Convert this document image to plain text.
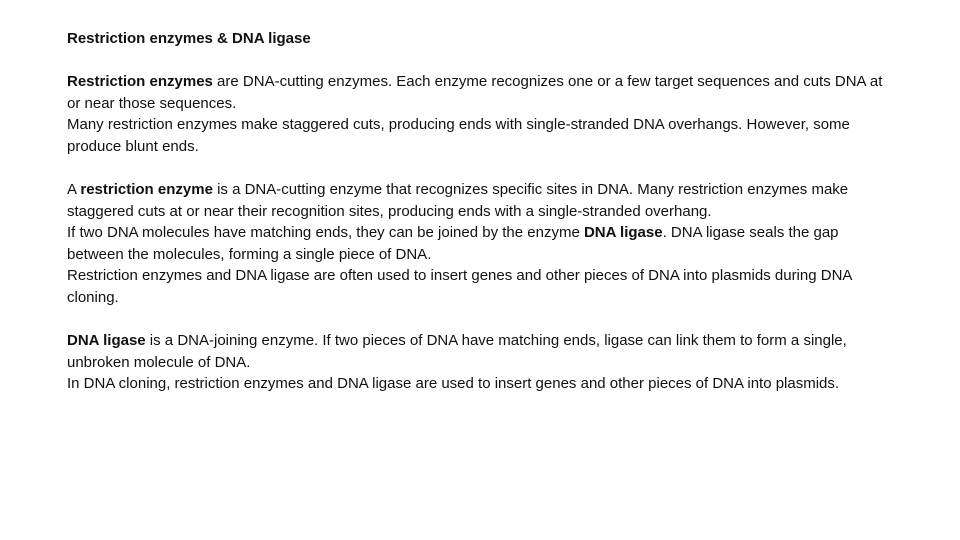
Restriction enzymes & DNA ligase

Restriction enzymes are DNA-cutting enzymes. Each enzyme recognizes one or a few target sequences and cuts DNA at or near those sequences.

Many restriction enzymes make staggered cuts, producing ends with single-stranded DNA overhangs. However, some produce blunt ends.

A restriction enzyme is a DNA-cutting enzyme that recognizes specific sites in DNA. Many restriction enzymes make staggered cuts at or near their recognition sites, producing ends with a single-stranded overhang.

If two DNA molecules have matching ends, they can be joined by the enzyme DNA ligase. DNA ligase seals the gap between the molecules, forming a single piece of DNA.

Restriction enzymes and DNA ligase are often used to insert genes and other pieces of DNA into plasmids during DNA cloning.

DNA ligase is a DNA-joining enzyme. If two pieces of DNA have matching ends, ligase can link them to form a single, unbroken molecule of DNA.

In DNA cloning, restriction enzymes and DNA ligase are used to insert genes and other pieces of DNA into plasmids.
